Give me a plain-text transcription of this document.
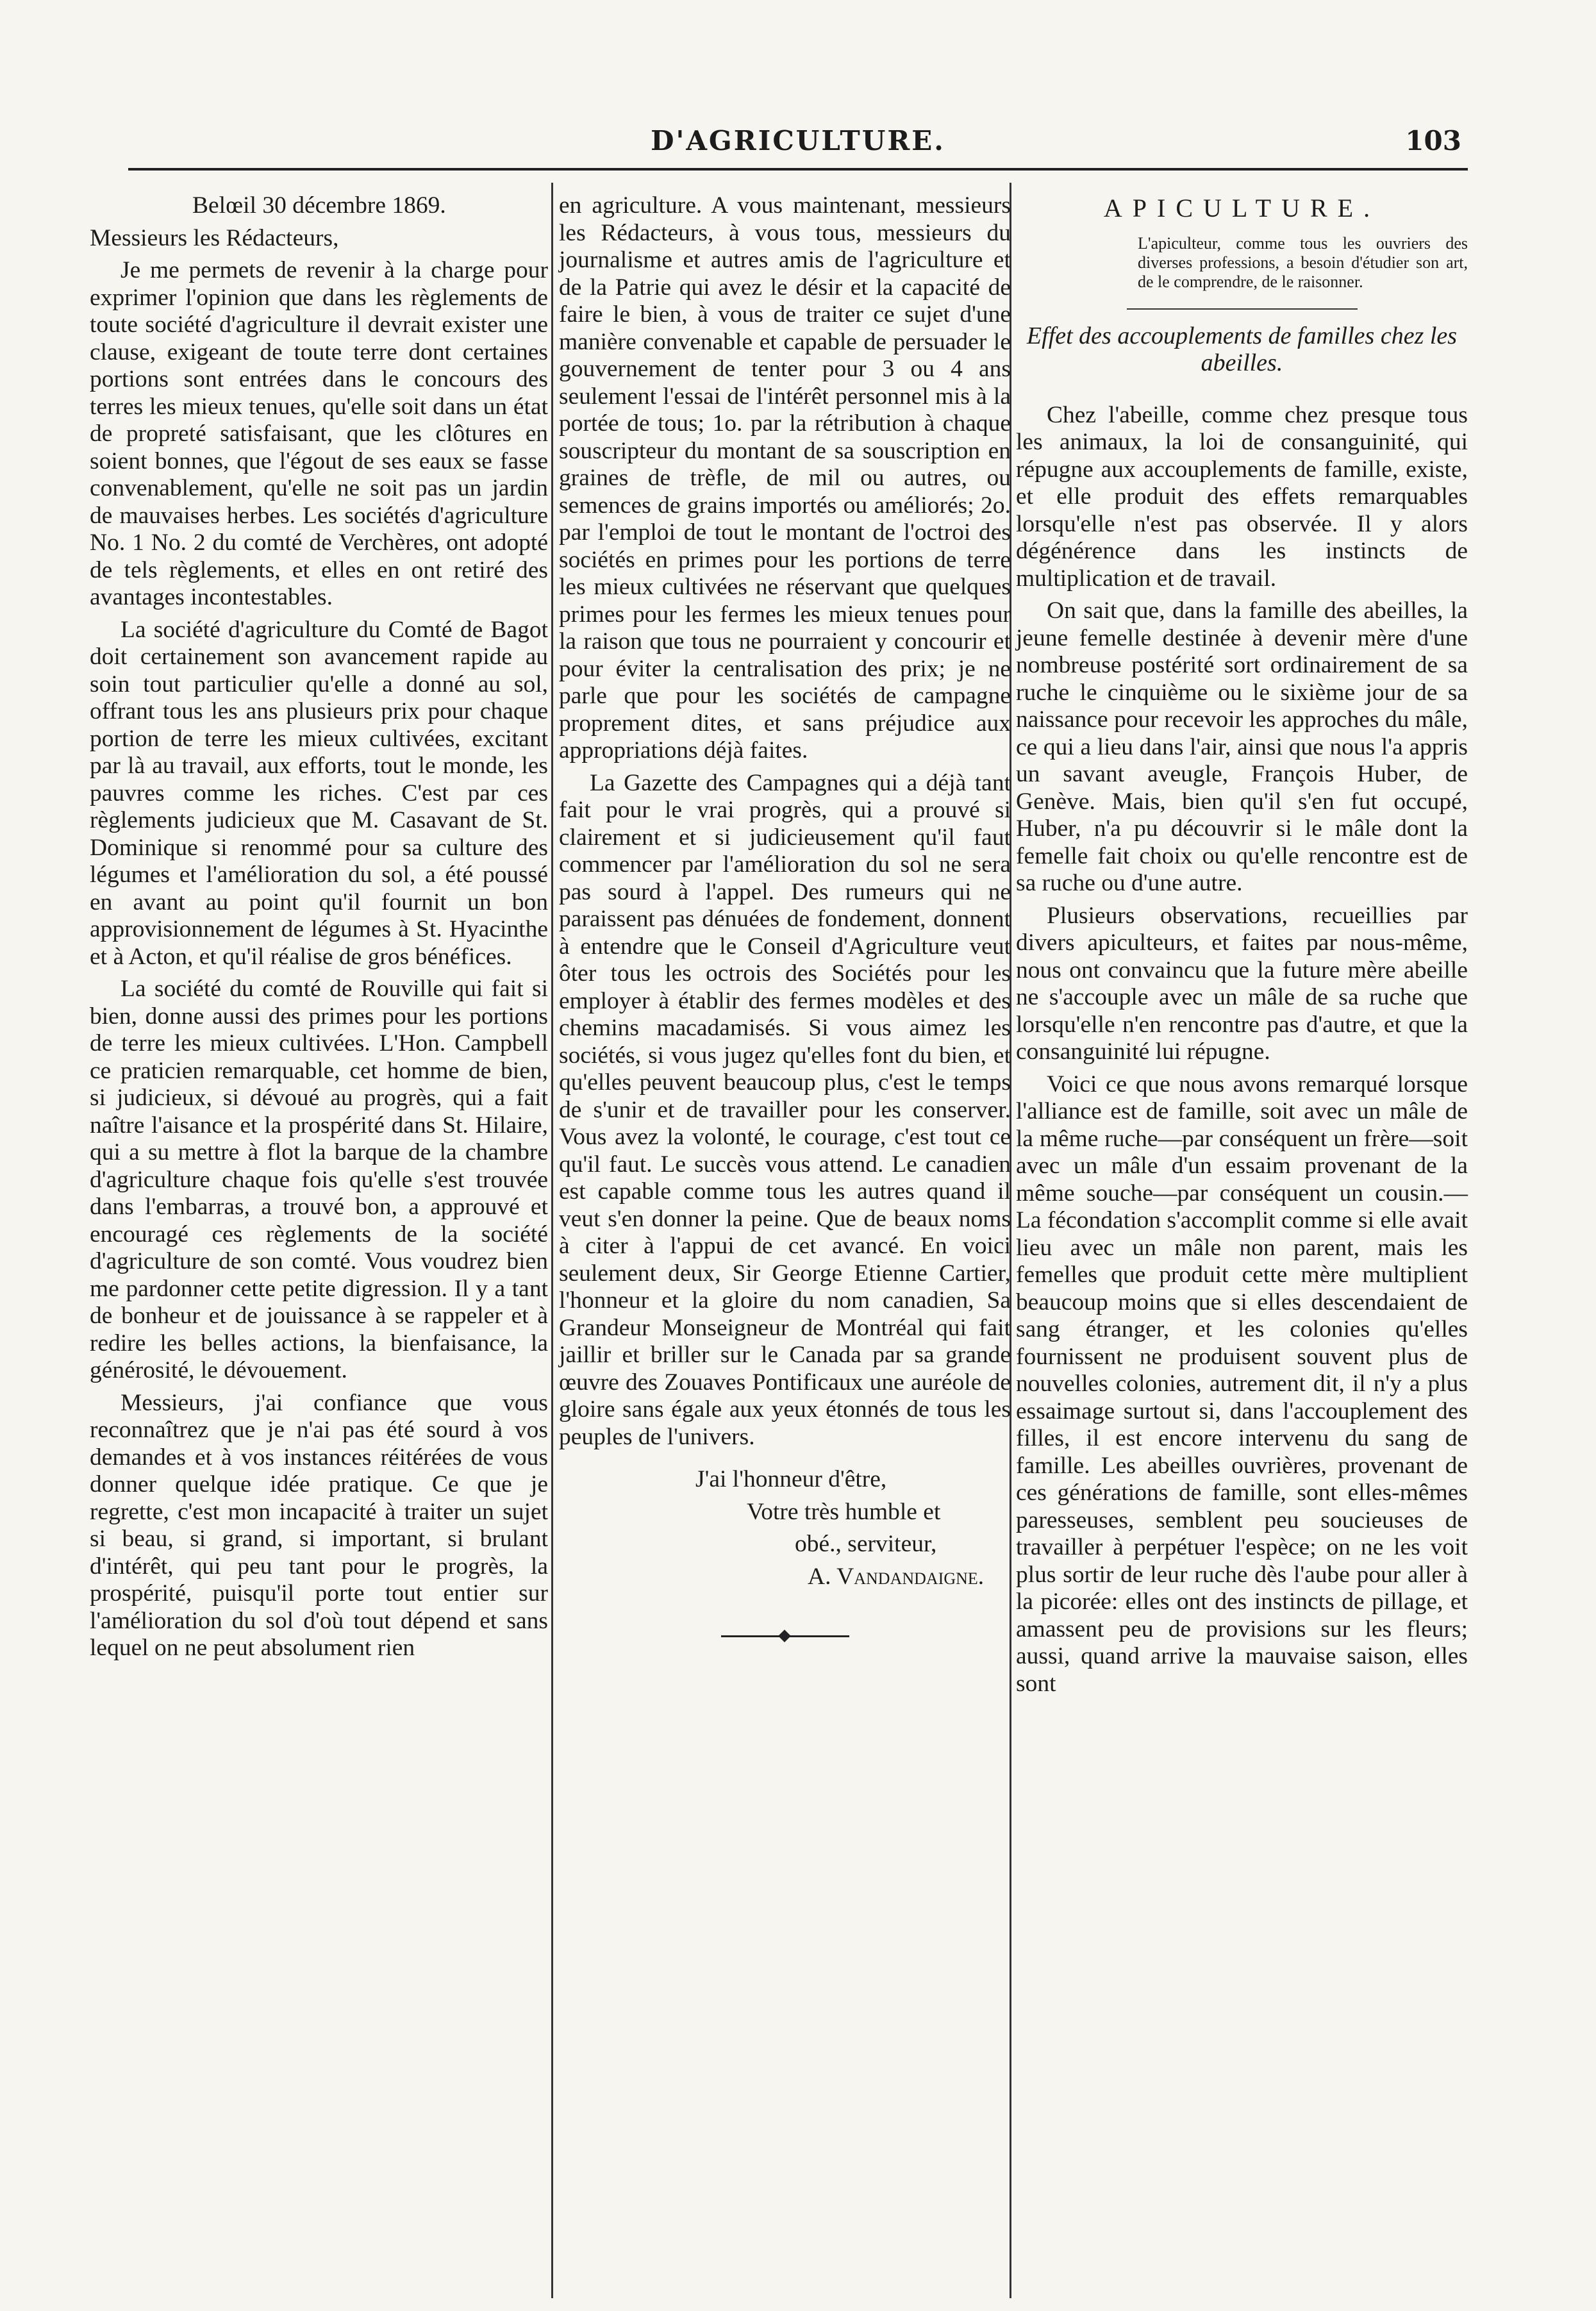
D'AGRICULTURE.	103

Belœil 30 décembre 1869.

Messieurs les Rédacteurs,

Je me permets de revenir à la charge pour exprimer l'opinion que dans les règlements de toute société d'agriculture il devrait exister une clause, exigeant de toute terre dont certaines portions sont entrées dans le concours des terres les mieux tenues, qu'elle soit dans un état de propreté satisfaisant, que les clôtures en soient bonnes, que l'égout de ses eaux se fasse convenablement, qu'elle ne soit pas un jardin de mauvaises herbes. Les sociétés d'agriculture No. 1 No. 2 du comté de Verchères, ont adopté de tels règlements, et elles en ont retiré des avantages incontestables.

La société d'agriculture du Comté de Bagot doit certainement son avancement rapide au soin tout particulier qu'elle a donné au sol, offrant tous les ans plusieurs prix pour chaque portion de terre les mieux cultivées, excitant par là au travail, aux efforts, tout le monde, les pauvres comme les riches. C'est par ces règlements judicieux que M. Casavant de St. Dominique si renommé pour sa culture des légumes et l'amélioration du sol, a été poussé en avant au point qu'il fournit un bon approvisionnement de légumes à St. Hyacinthe et à Acton, et qu'il réalise de gros bénéfices.

La société du comté de Rouville qui fait si bien, donne aussi des primes pour les portions de terre les mieux cultivées. L'Hon. Campbell ce praticien remarquable, cet homme de bien, si judicieux, si dévoué au progrès, qui a fait naître l'aisance et la prospérité dans St. Hilaire, qui a su mettre à flot la barque de la chambre d'agriculture chaque fois qu'elle s'est trouvée dans l'embarras, a trouvé bon, a approuvé et encouragé ces règlements de la société d'agriculture de son comté. Vous voudrez bien me pardonner cette petite digression. Il y a tant de bonheur et de jouissance à se rappeler et à redire les belles actions, la bienfaisance, la générosité, le dévouement.

Messieurs, j'ai confiance que vous reconnaîtrez que je n'ai pas été sourd à vos demandes et à vos instances réitérées de vous donner quelque idée pratique. Ce que je regrette, c'est mon incapacité à traiter un sujet si beau, si grand, si important, si brulant d'intérêt, qui peu tant pour le progrès, la prospérité, puisqu'il porte tout entier sur l'amélioration du sol d'où tout dépend et sans lequel on ne peut absolument rien

en agriculture. A vous maintenant, messieurs les Rédacteurs, à vous tous, messieurs du journalisme et autres amis de l'agriculture et de la Patrie qui avez le désir et la capacité de faire le bien, à vous de traiter ce sujet d'une manière convenable et capable de persuader le gouvernement de tenter pour 3 ou 4 ans seulement l'essai de l'intérêt personnel mis à la portée de tous; 1o. par la rétribution à chaque souscripteur du montant de sa souscription en graines de trèfle, de mil ou autres, ou semences de grains importés ou améliorés; 2o. par l'emploi de tout le montant de l'octroi des sociétés en primes pour les portions de terre les mieux cultivées ne réservant que quelques primes pour les fermes les mieux tenues pour la raison que tous ne pourraient y concourir et pour éviter la centralisation des prix; je ne parle que pour les sociétés de campagne proprement dites, et sans préjudice aux appropriations déjà faites.

La Gazette des Campagnes qui a déjà tant fait pour le vrai progrès, qui a prouvé si clairement et si judicieusement qu'il faut commencer par l'amélioration du sol ne sera pas sourd à l'appel. Des rumeurs qui ne paraissent pas dénuées de fondement, donnent à entendre que le Conseil d'Agriculture veut ôter tous les octrois des Sociétés pour les employer à établir des fermes modèles et des chemins macadamisés. Si vous aimez les sociétés, si vous jugez qu'elles font du bien, et qu'elles peuvent beaucoup plus, c'est le temps de s'unir et de travailler pour les conserver. Vous avez la volonté, le courage, c'est tout ce qu'il faut. Le succès vous attend. Le canadien est capable comme tous les autres quand il veut s'en donner la peine. Que de beaux noms à citer à l'appui de cet avancé. En voici seulement deux, Sir George Etienne Cartier, l'honneur et la gloire du nom canadien, Sa Grandeur Monseigneur de Montréal qui fait jaillir et briller sur le Canada par sa grande œuvre des Zouaves Pontificaux une auréole de gloire sans égale aux yeux étonnés de tous les peuples de l'univers.

J'ai l'honneur d'être,

Votre très humble et

obé., serviteur,

A. Vandandaigne.

APICULTURE.
L'apiculteur, comme tous les ouvriers des diverses professions, a besoin d'étudier son art, de le comprendre, de le raisonner.
Effet des accouplements de familles chez les abeilles.

Chez l'abeille, comme chez presque tous les animaux, la loi de consanguinité, qui répugne aux accouplements de famille, existe, et elle produit des effets remarquables lorsqu'elle n'est pas observée. Il y alors dégénérence dans les instincts de multiplication et de travail.

On sait que, dans la famille des abeilles, la jeune femelle destinée à devenir mère d'une nombreuse postérité sort ordinairement de sa ruche le cinquième ou le sixième jour de sa naissance pour recevoir les approches du mâle, ce qui a lieu dans l'air, ainsi que nous l'a appris un savant aveugle, François Huber, de Genève. Mais, bien qu'il s'en fut occupé, Huber, n'a pu découvrir si le mâle dont la femelle fait choix ou qu'elle rencontre est de sa ruche ou d'une autre.

Plusieurs observations, recueillies par divers apiculteurs, et faites par nous-même, nous ont convaincu que la future mère abeille ne s'accouple avec un mâle de sa ruche que lorsqu'elle n'en rencontre pas d'autre, et que la consanguinité lui répugne.

Voici ce que nous avons remarqué lorsque l'alliance est de famille, soit avec un mâle de la même ruche—par conséquent un frère—soit avec un mâle d'un essaim provenant de la même souche—par conséquent un cousin.—La fécondation s'accomplit comme si elle avait lieu avec un mâle non parent, mais les femelles que produit cette mère multiplient beaucoup moins que si elles descendaient de sang étranger, et les colonies qu'elles fournissent ne produisent souvent plus de nouvelles colonies, autrement dit, il n'y a plus essaimage surtout si, dans l'accouplement des filles, il est encore intervenu du sang de famille. Les abeilles ouvrières, provenant de ces générations de famille, sont elles-mêmes paresseuses, semblent peu soucieuses de travailler à perpétuer l'espèce; on ne les voit plus sortir de leur ruche dès l'aube pour aller à la picorée: elles ont des instincts de pillage, et amassent peu de provisions sur les fleurs; aussi, quand arrive la mauvaise saison, elles sont
